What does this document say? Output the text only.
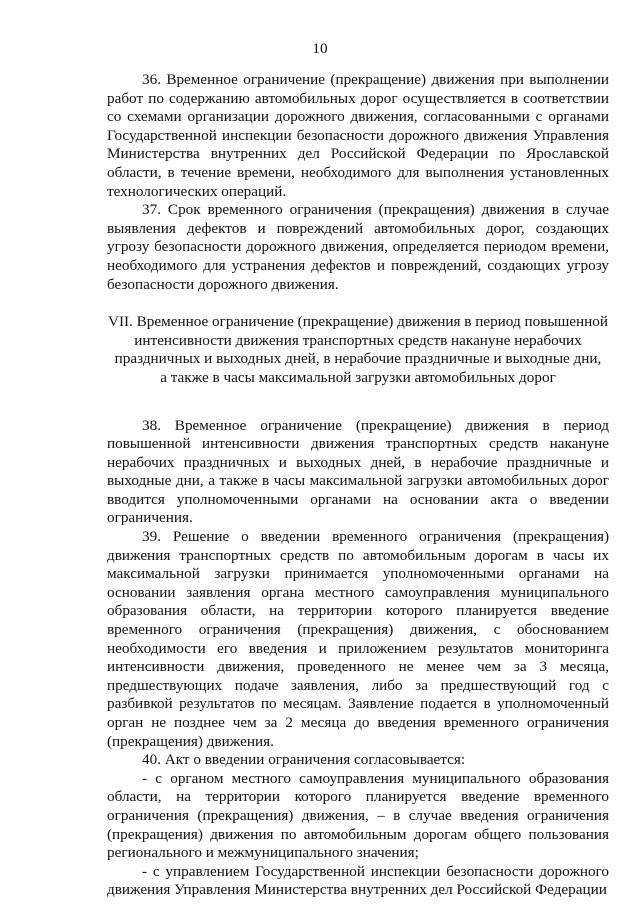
10

36. Временное ограничение (прекращение) движения при выполнении работ по содержанию автомобильных дорог осуществляется в соответствии со схемами организации дорожного движения, согласованными с органами Государственной инспекции безопасности дорожного движения Управления Министерства внутренних дел Российской Федерации по Ярославской области, в течение времени, необходимого для выполнения установленных технологических операций.

37. Срок временного ограничения (прекращения) движения в случае выявления дефектов и повреждений автомобильных дорог, создающих угрозу безопасности дорожного движения, определяется периодом времени, необходимого для устранения дефектов и повреждений, создающих угрозу безопасности дорожного движения.

VII. Временное ограничение (прекращение) движения в период повышенной
интенсивности движения транспортных средств накануне нерабочих
праздничных и выходных дней, в нерабочие праздничные и выходные дни,
а также в часы максимальной загрузки автомобильных дорог

38. Временное ограничение (прекращение) движения в период повышенной интенсивности движения транспортных средств накануне нерабочих праздничных и выходных дней, в нерабочие праздничные и выходные дни, а также в часы максимальной загрузки автомобильных дорог вводится уполномоченными органами на основании акта о введении ограничения.

39. Решение о введении временного ограничения (прекращения) движения транспортных средств по автомобильным дорогам в часы их максимальной загрузки принимается уполномоченными органами на основании заявления органа местного самоуправления муниципального образования области, на территории которого планируется введение временного ограничения (прекращения) движения, с обоснованием необходимости его введения и приложением результатов мониторинга интенсивности движения, проведенного не менее чем за 3 месяца, предшествующих подаче заявления, либо за предшествующий год с разбивкой результатов по месяцам. Заявление подается в уполномоченный орган не позднее чем за 2 месяца до введения временного ограничения (прекращения) движения.

40. Акт о введении ограничения согласовывается:

- с органом местного самоуправления муниципального образования области, на территории которого планируется введение временного ограничения (прекращения) движения, – в случае введения ограничения (прекращения) движения по автомобильным дорогам общего пользования регионального и межмуниципального значения;

- с управлением Государственной инспекции безопасности дорожного движения Управления Министерства внутренних дел Российской Федерации
